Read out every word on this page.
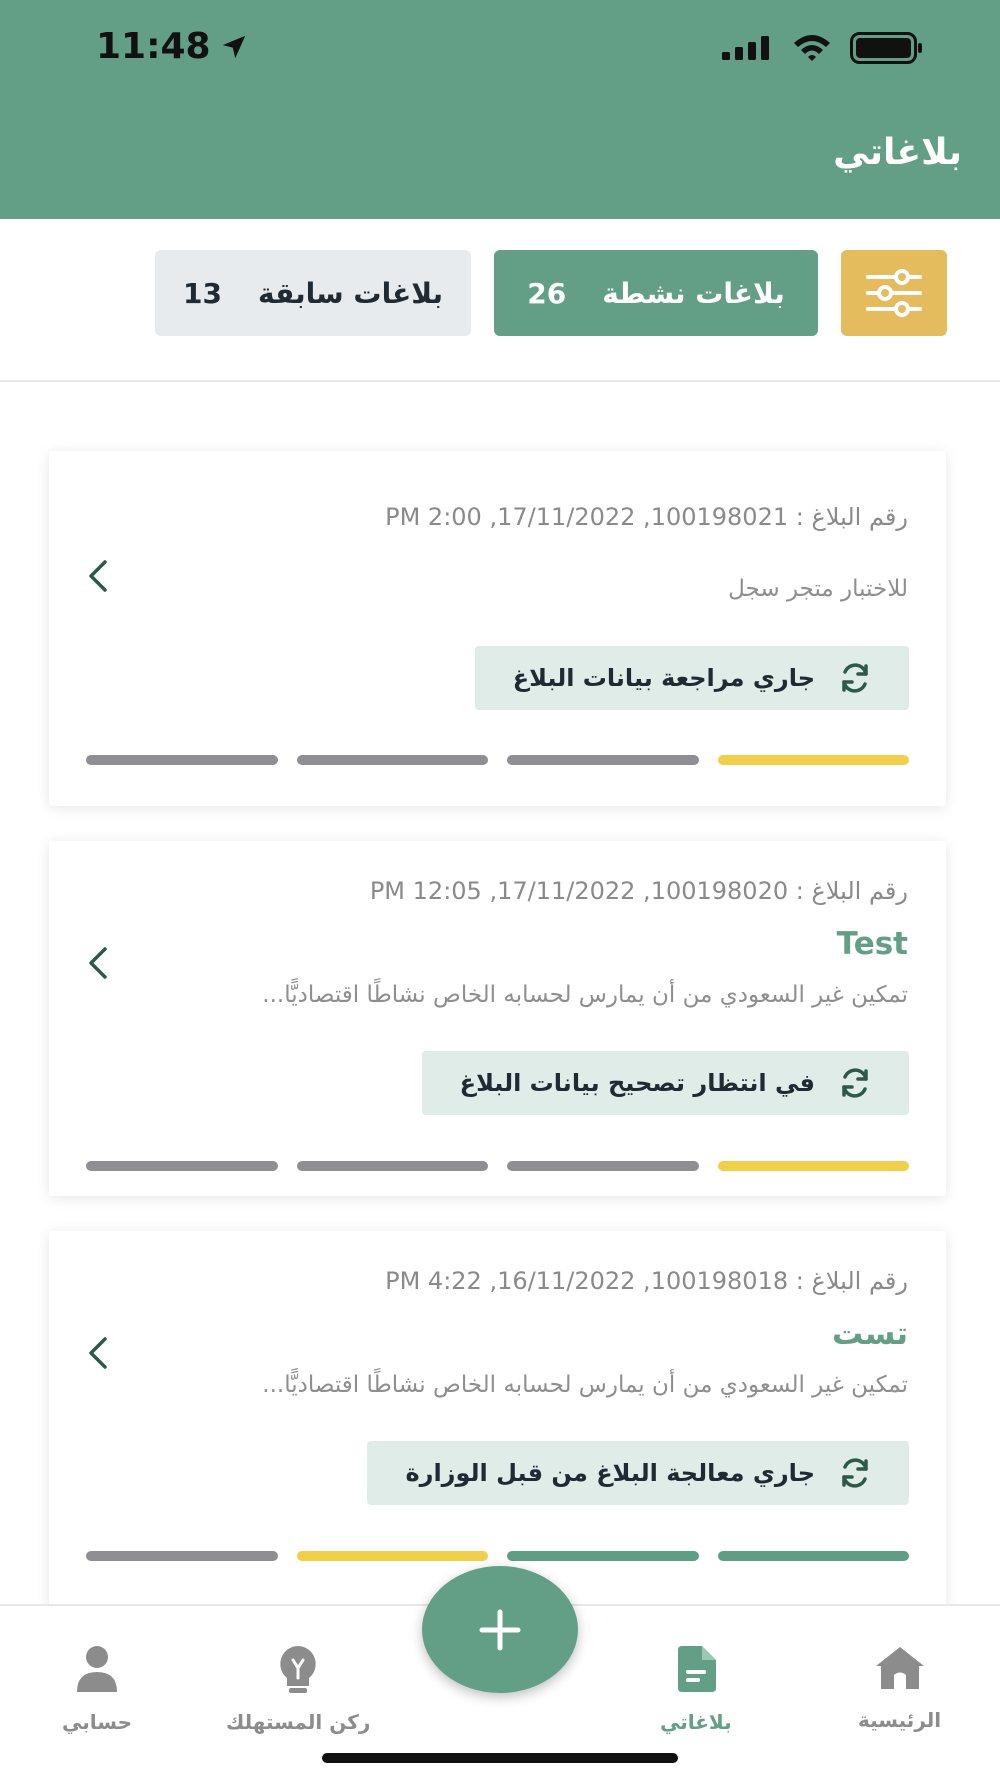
11:48
بلاغاتي
بلاغات نشطة
26
بلاغات سابقة
13
رقم البلاغ : 100198021, 17/11/2022, 2:00 PM
للاختبار متجر سجل
جاري مراجعة بيانات البلاغ
رقم البلاغ : 100198020, 17/11/2022, 12:05 PM
Test
تمكين غير السعودي من أن يمارس لحسابه الخاص نشاطًا اقتصاديًّا...
في انتظار تصحيح بيانات البلاغ
رقم البلاغ : 100198018, 16/11/2022, 4:22 PM
تست
تمكين غير السعودي من أن يمارس لحسابه الخاص نشاطًا اقتصاديًّا...
جاري معالجة البلاغ من قبل الوزارة
الرئيسية
بلاغاتي
ركن المستهلك
حسابي
